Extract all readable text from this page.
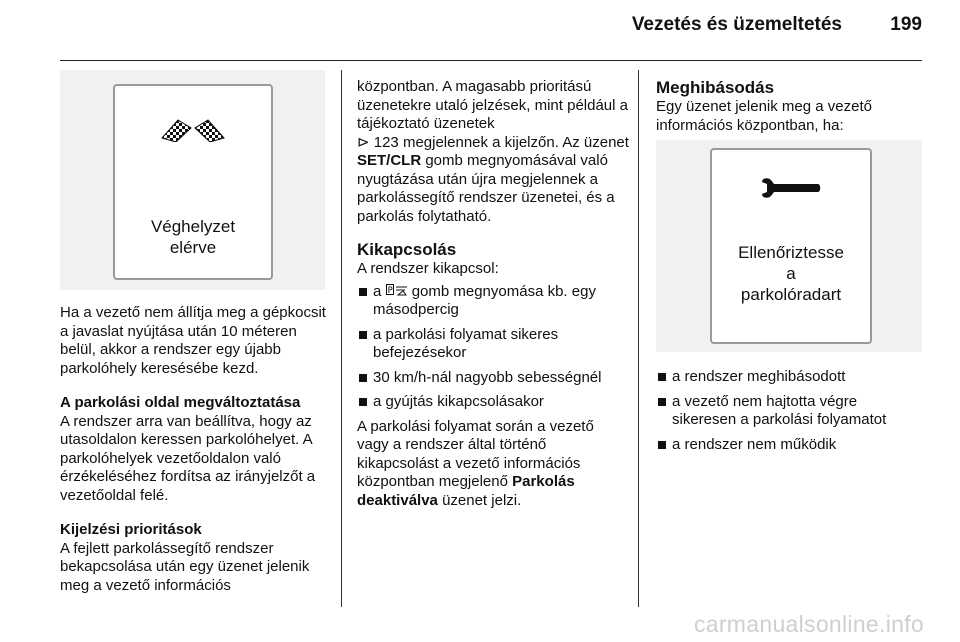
Vezetés és üzemeltetés	199
Véghelyzet
elérve

Ha a vezető nem állítja meg a gépkocsit a javaslat nyújtása után 10 méteren belül, akkor a rendszer egy újabb parkolóhely keresésébe kezd.

A parkolási oldal megváltoztatása

A rendszer arra van beállítva, hogy az utasoldalon keressen parkolóhelyet. A parkolóhelyek vezetőoldalon való érzékeléséhez fordítsa az irányjelzőt a vezetőoldal felé.

Kijelzési prioritások

A fejlett parkolássegítő rendszer bekapcsolása után egy üzenet jelenik meg a vezető információs

központban. A magasabb prioritású üzenetekre utaló jelzések, mint például a tájékoztató üzenetek
⊳ 123 megjelennek a kijelzőn. Az üzenet SET/CLR gomb megnyomásával való nyugtázása után újra megjelennek a parkolássegítő rendszer üzenetei, és a parkolás folytatható.

Kikapcsolás

A rendszer kikapcsol:

a P gomb megnyomása kb. egy másodpercig
a parkolási folyamat sikeres befejezésekor
30 km/h-nál nagyobb sebességnél
a gyújtás kikapcsolásakor

A parkolási folyamat során a vezető vagy a rendszer által történő kikapcsolást a vezető információs központban megjelenő Parkolás deaktiválva üzenet jelzi.

Meghibásodás

Egy üzenet jelenik meg a vezető információs központban, ha:

Ellenőriztesse
a
parkolóradart
a rendszer meghibásodott
a vezető nem hajtotta végre sikeresen a parkolási folyamatot
a rendszer nem működik
carmanualsonline.info
